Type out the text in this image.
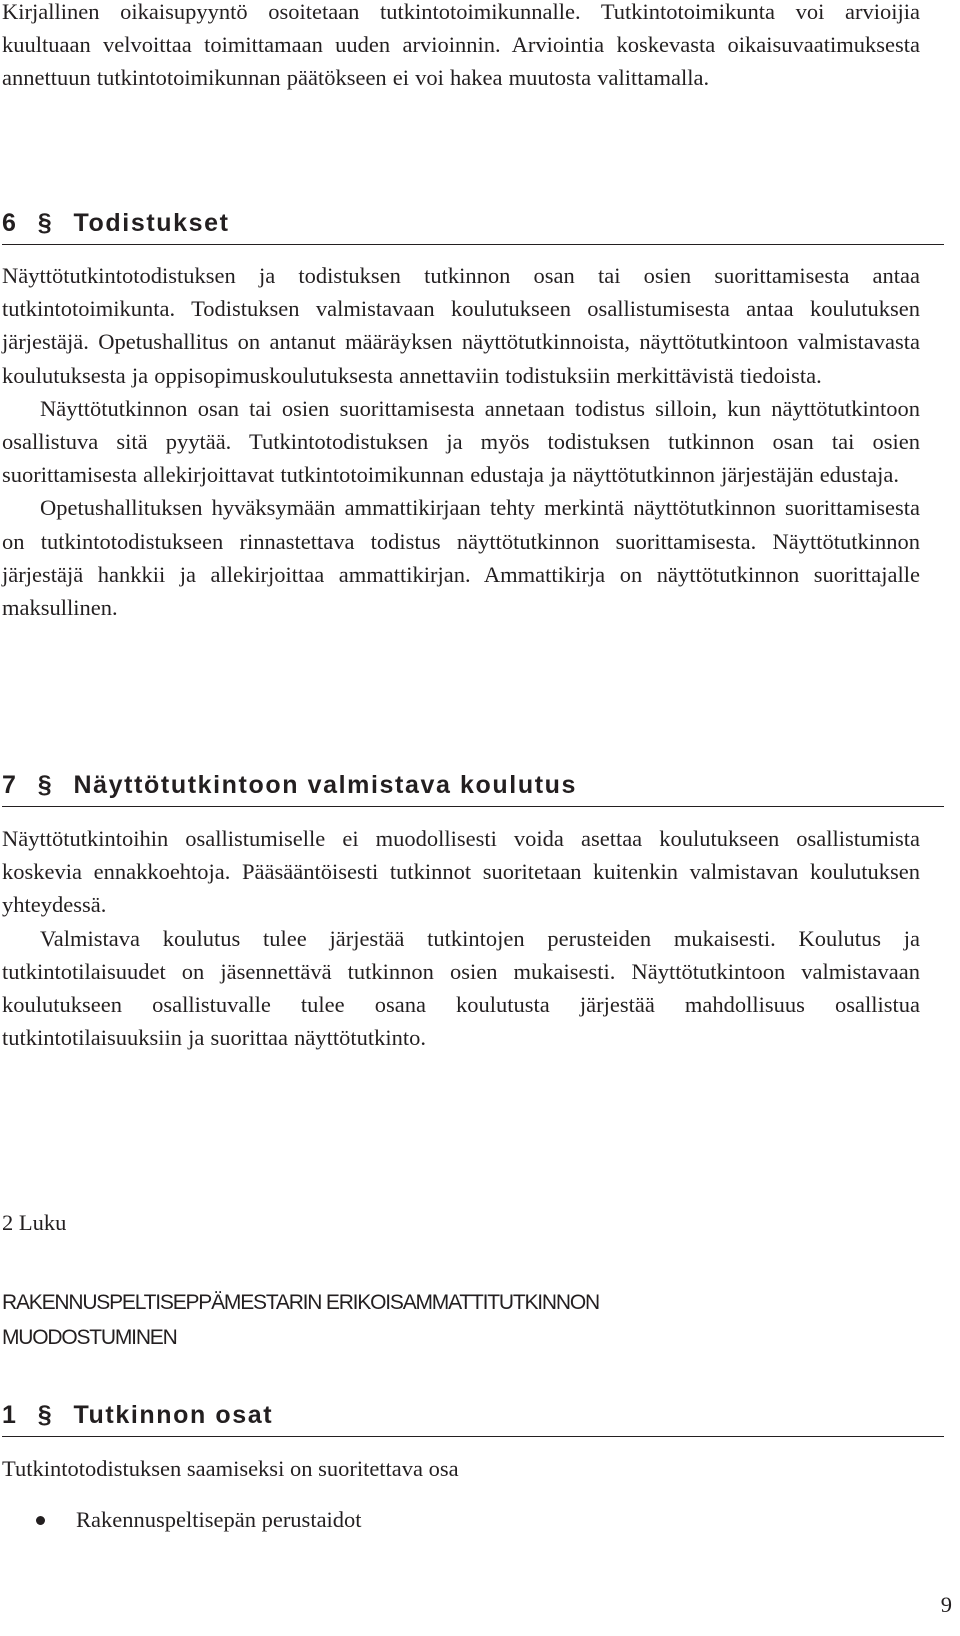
Kirjallinen oikaisupyyntö osoitetaan tutkintotoimikunnalle. Tutkintotoimikunta voi arvioijia kuultuaan velvoittaa toimittamaan uuden arvioinnin. Arviointia koskevasta oikaisuvaatimuksesta annettuun tutkintotoimikunnan päätökseen ei voi hakea muutosta valittamalla.

6 § Todistukset

Näyttötutkintotodistuksen ja todistuksen tutkinnon osan tai osien suorittamisesta antaa tutkintotoimikunta. Todistuksen valmistavaan koulutukseen osallistumisesta antaa koulutuksen järjestäjä. Opetushallitus on antanut määräyksen näyttötutkinnoista, näyttötutkintoon valmistavasta koulutuksesta ja oppisopimuskoulutuksesta annettaviin todistuksiin merkittävistä tiedoista.

Näyttötutkinnon osan tai osien suorittamisesta annetaan todistus silloin, kun näyttötutkintoon osallistuva sitä pyytää. Tutkintotodistuksen ja myös todistuksen tutkinnon osan tai osien suorittamisesta allekirjoittavat tutkintotoimikunnan edustaja ja näyttötutkinnon järjestäjän edustaja.

Opetushallituksen hyväksymään ammattikirjaan tehty merkintä näyttötutkinnon suorittamisesta on tutkintotodistukseen rinnastettava todistus näyttötutkinnon suorittamisesta. Näyttötutkinnon järjestäjä hankkii ja allekirjoittaa ammattikirjan. Ammattikirja on näyttötutkinnon suorittajalle maksullinen.

7 § Näyttötutkintoon valmistava koulutus

Näyttötutkintoihin osallistumiselle ei muodollisesti voida asettaa koulutukseen osallistumista koskevia ennakkoehtoja. Pääsääntöisesti tutkinnot suoritetaan kuitenkin valmistavan koulutuksen yhteydessä.

Valmistava koulutus tulee järjestää tutkintojen perusteiden mukaisesti. Koulutus ja tutkintotilaisuudet on jäsennettävä tutkinnon osien mukaisesti. Näyttötutkintoon valmistavaan koulutukseen osallistuvalle tulee osana koulutusta järjestää mahdollisuus osallistua tutkintotilaisuuksiin ja suorittaa näyttötutkinto.

2 Luku
RAKENNUSPELTISEPPÄMESTARIN ERIKOISAMMATTITUTKINNON
MUODOSTUMINEN
1 § Tutkinnon osat
Tutkintotodistuksen saamiseksi on suoritettava osa
Rakennuspeltisepän perustaidot
9
